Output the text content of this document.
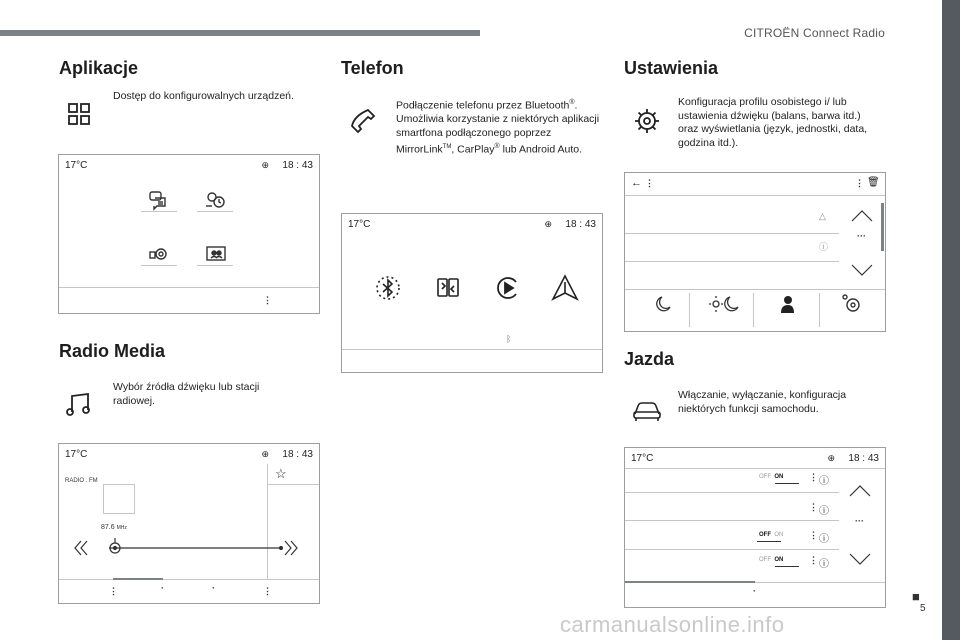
CITROËN Connect Radio
■
5
carmanualsonline.info
Aplikacje
Dostęp do konfigurowalnych urządzeń.
17°C	⊕ 18 : 43
⋮
Radio Media
Wybór źródła dźwięku lub stacji radiowej.
17°C	⊕ 18 : 43
☆
RADIO . FM
87.6 MHz
⋮	·	·	⋮
Telefon
Podłączenie telefonu przez Bluetooth®. Umożliwia korzystanie z niektórych aplikacji smartfona podłączonego poprzez MirrorLink™, CarPlay® lub Android Auto.
17°C	⊕ 18 : 43
ᛒ
Ustawienia
Konfiguracja profilu osobistego i/ lub ustawienia dźwięku (balans, barwa itd.) oraz wyświetlania (język, jednostki, data, godzina itd.).
← ⋮	⋮ 🗑
△
ⓘ
···
Jazda
Włączanie, wyłączanie, konfiguracja niektórych funkcji samochodu.
17°C	⊕ 18 : 43
OFF ON	⋮ ⓘ
⋮ ⓘ
OFF ON	⋮ ⓘ
OFF ON	⋮ ⓘ
···
·
